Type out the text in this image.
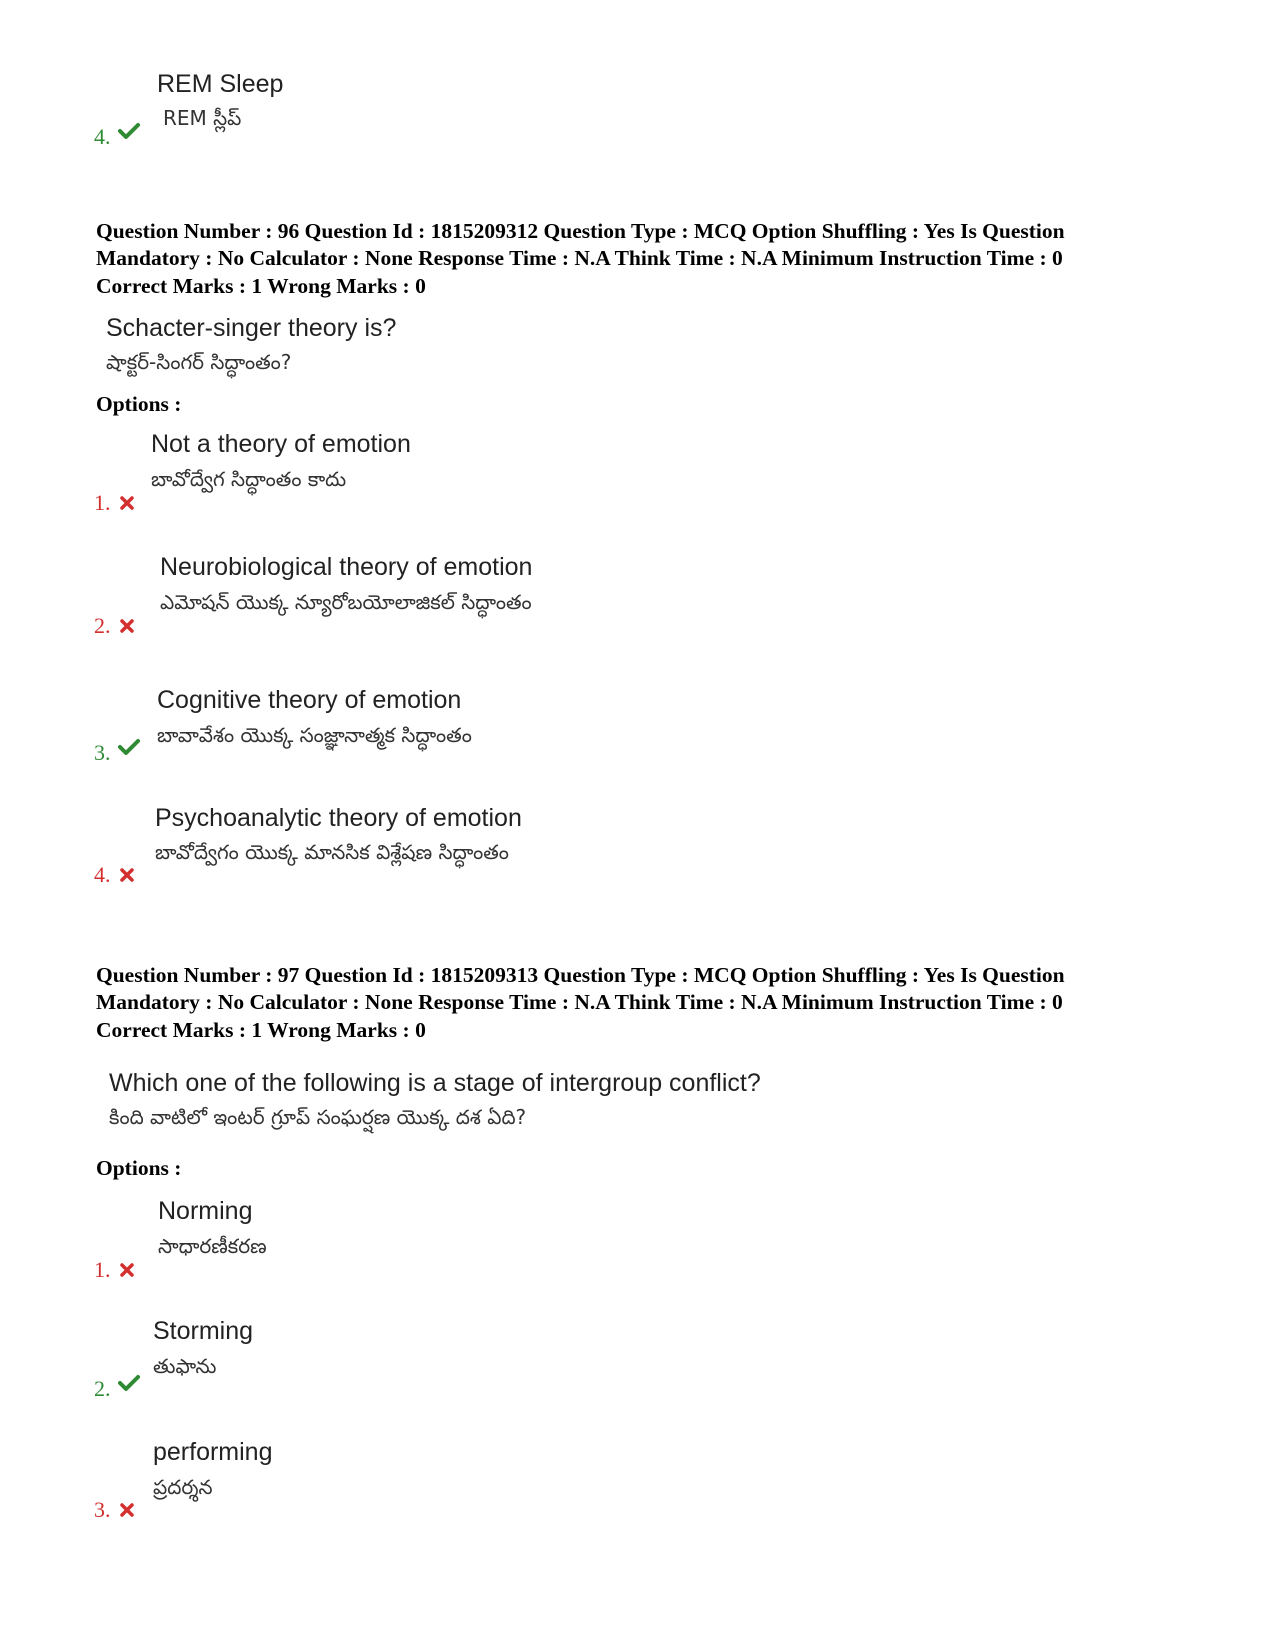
REM Sleep
REM స్లీప్
4.
Question Number : 96 Question Id : 1815209312 Question Type : MCQ Option Shuffling : Yes Is Question
Mandatory : No Calculator : None Response Time : N.A Think Time : N.A Minimum Instruction Time : 0
Correct Marks : 1 Wrong Marks : 0
Schacter-singer theory is?
షాక్టర్-సింగర్ సిద్ధాంతం?
Options :
Not a theory of emotion
బావోద్వేగ సిద్ధాంతం కాదు
1.
Neurobiological theory of emotion
ఎమోషన్ యొక్క న్యూరోబయోలాజికల్ సిద్ధాంతం
2.
Cognitive theory of emotion
బావావేశం యొక్క సంజ్ఞానాత్మక సిద్ధాంతం
3.
Psychoanalytic theory of emotion
బావోద్వేగం యొక్క మానసిక విశ్లేషణ సిద్ధాంతం
4.
Question Number : 97 Question Id : 1815209313 Question Type : MCQ Option Shuffling : Yes Is Question
Mandatory : No Calculator : None Response Time : N.A Think Time : N.A Minimum Instruction Time : 0
Correct Marks : 1 Wrong Marks : 0
Which one of the following is a stage of intergroup conflict?
కింది వాటిలో ఇంటర్ గ్రూప్ సంఘర్షణ యొక్క దశ ఏది?
Options :
Norming
సాధారణీకరణ
1.
Storming
తుఫాను
2.
performing
ప్రదర్శన
3.
